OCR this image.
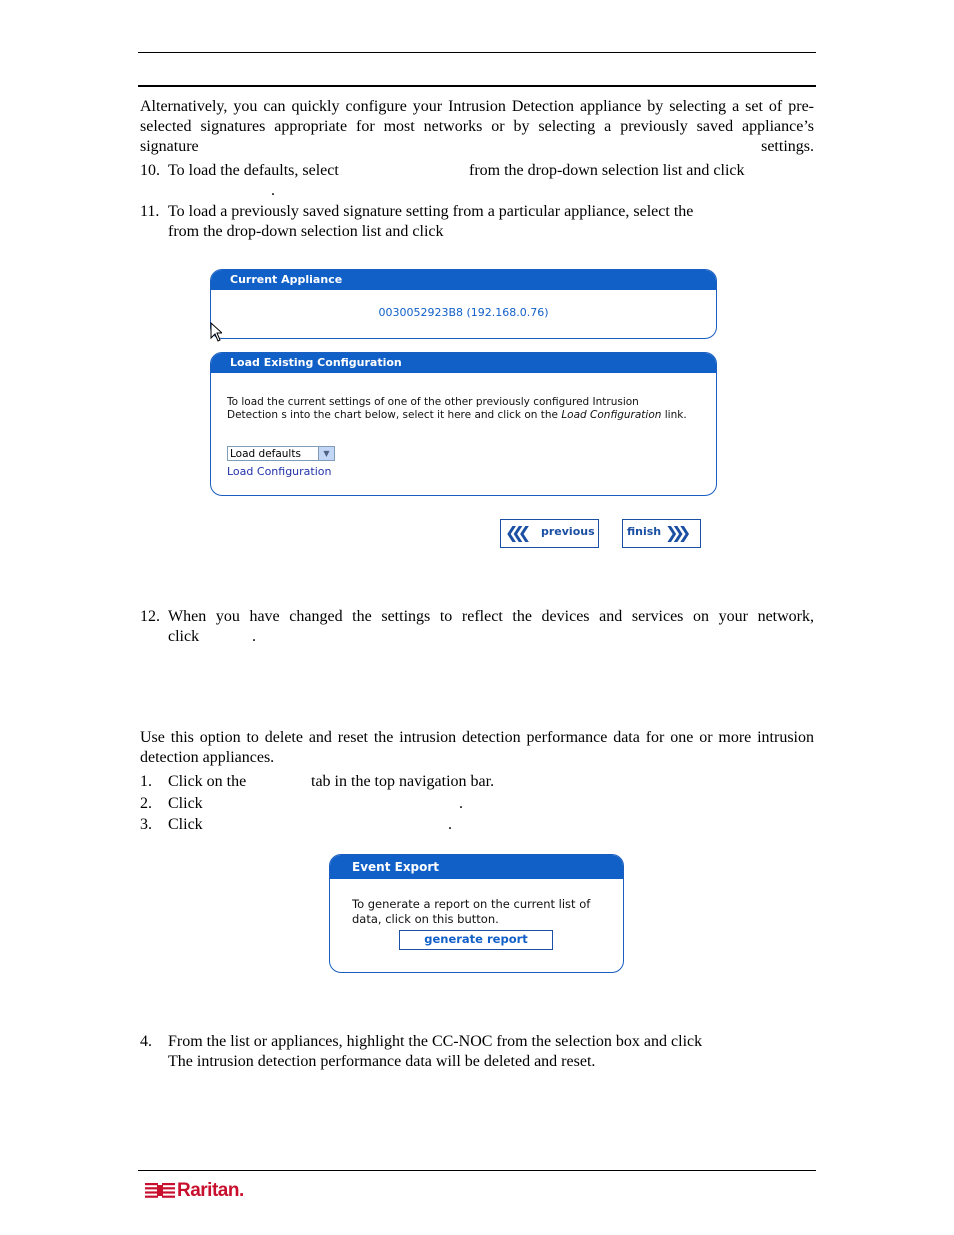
Alternatively, you can quickly configure your Intrusion Detection appliance by selecting a set of pre-selected signatures appropriate for most networks or by selecting a previously saved appliance’s signature settings.
10. To load the defaults, select	from the drop-down selection list and click
.
11. To load a previously saved signature setting from a particular appliance, select the
from the drop-down selection list and click
Current Appliance
0030052923B8 (192.168.0.76)
Load Existing Configuration
To load the current settings of one of the other previously configured Intrusion
Detection s into the chart below, select it here and click on the Load Configuration link.
Load defaults	▼
Load Configuration
❮❮❮ previous	finish ❯❯❯
12. When you have changed the settings to reflect the devices and services on your network,
click	.
Use this option to delete and reset the intrusion detection performance data for one or more intrusion detection appliances.
1. Click on the	tab in the top navigation bar.
2. Click	.
3. Click	.
Event Export
To generate a report on the current list of
data, click on this button.
generate report
4. From the list or appliances, highlight the CC-NOC from the selection box and click
The intrusion detection performance data will be deleted and reset.
Raritan.
